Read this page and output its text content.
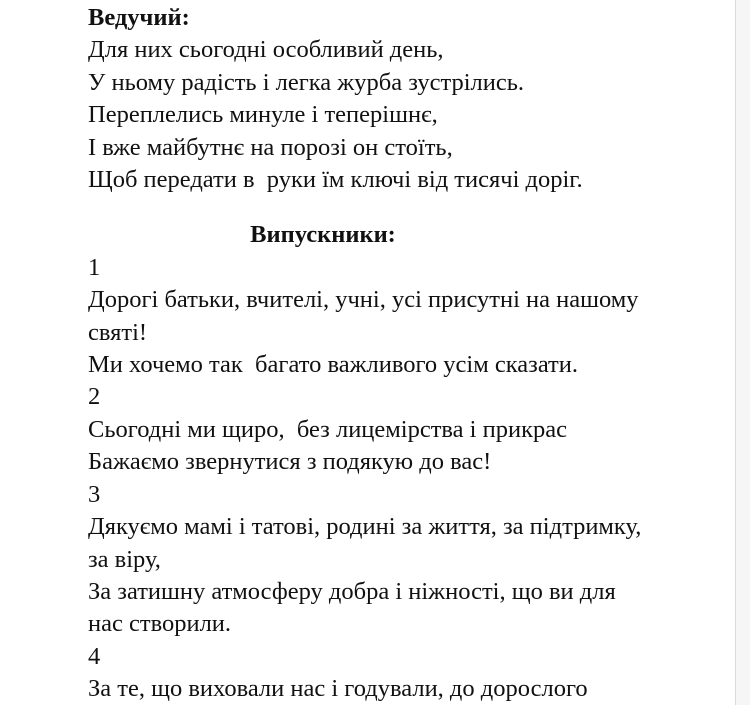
Ведучий:

Для них сьогодні особливий день,

У ньому радість і легка журба зустрілись.

Переплелись минуле і теперішнє,

І вже майбутнє на порозі он стоїть,

Щоб передати в  руки їм ключі від тисячі доріг.

Випускники:

1

Дорогі батьки, вчителі, учні, усі присутні на нашому

святі!

Ми хочемо так  багато важливого усім сказати.

2

Сьогодні ми щиро,  без лицемірства і прикрас

Бажаємо звернутися з подякую до вас!

3

Дякуємо мамі і татові, родині за життя, за підтримку,

за віру,

За затишну атмосферу добра і ніжності, що ви для

нас створили.

4

За те, що виховали нас і годували, до дорослого
